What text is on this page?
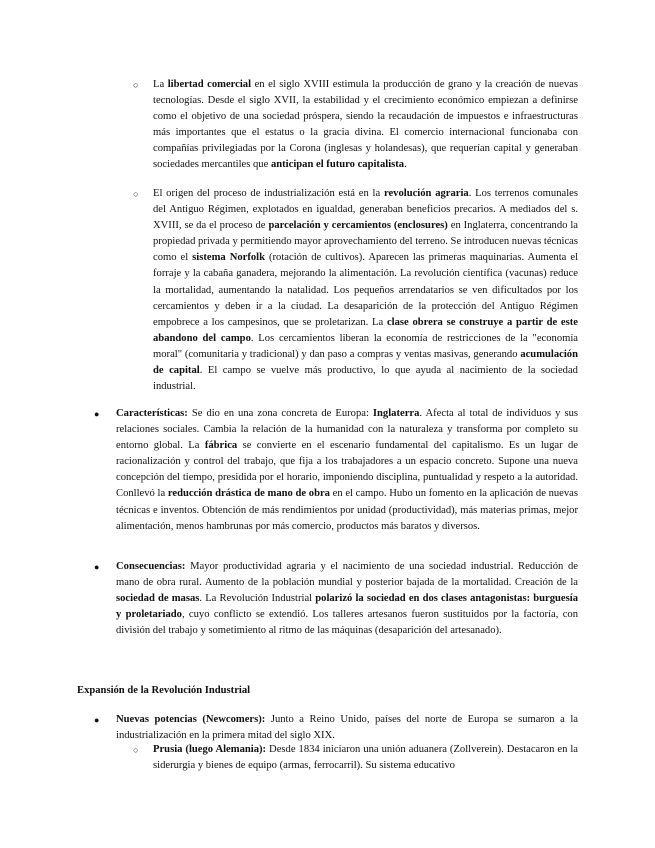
○ La libertad comercial en el siglo XVIII estimula la producción de grano y la creación de nuevas tecnologías. Desde el siglo XVII, la estabilidad y el crecimiento económico empiezan a definirse como el objetivo de una sociedad próspera, siendo la recaudación de impuestos e infraestructuras más importantes que el estatus o la gracia divina. El comercio internacional funcionaba con compañías privilegiadas por la Corona (inglesas y holandesas), que requerían capital y generaban sociedades mercantiles que anticipan el futuro capitalista.

○ El origen del proceso de industrialización está en la revolución agraria. Los terrenos comunales del Antiguo Régimen, explotados en igualdad, generaban beneficios precarios. A mediados del s. XVIII, se da el proceso de parcelación y cercamientos (enclosures) en Inglaterra, concentrando la propiedad privada y permitiendo mayor aprovechamiento del terreno. Se introducen nuevas técnicas como el sistema Norfolk (rotación de cultivos). Aparecen las primeras maquinarias. Aumenta el forraje y la cabaña ganadera, mejorando la alimentación. La revolución científica (vacunas) reduce la mortalidad, aumentando la natalidad. Los pequeños arrendatarios se ven dificultados por los cercamientos y deben ir a la ciudad. La desaparición de la protección del Antiguo Régimen empobrece a los campesinos, que se proletarizan. La clase obrera se construye a partir de este abandono del campo. Los cercamientos liberan la economía de restricciones de la "economía moral" (comunitaria y tradicional) y dan paso a compras y ventas masivas, generando acumulación de capital. El campo se vuelve más productivo, lo que ayuda al nacimiento de la sociedad industrial.

● Características: Se dio en una zona concreta de Europa: Inglaterra. Afecta al total de individuos y sus relaciones sociales. Cambia la relación de la humanidad con la naturaleza y transforma por completo su entorno global. La fábrica se convierte en el escenario fundamental del capitalismo. Es un lugar de racionalización y control del trabajo, que fija a los trabajadores a un espacio concreto. Supone una nueva concepción del tiempo, presidida por el horario, imponiendo disciplina, puntualidad y respeto a la autoridad. Conllevó la reducción drástica de mano de obra en el campo. Hubo un fomento en la aplicación de nuevas técnicas e inventos. Obtención de más rendimientos por unidad (productividad), más materias primas, mejor alimentación, menos hambrunas por más comercio, productos más baratos y diversos.

● Consecuencias: Mayor productividad agraria y el nacimiento de una sociedad industrial. Reducción de mano de obra rural. Aumento de la población mundial y posterior bajada de la mortalidad. Creación de la sociedad de masas. La Revolución Industrial polarizó la sociedad en dos clases antagonistas: burguesía y proletariado, cuyo conflicto se extendió. Los talleres artesanos fueron sustituidos por la factoría, con división del trabajo y sometimiento al ritmo de las máquinas (desaparición del artesanado).

Expansión de la Revolución Industrial
● Nuevas potencias (Newcomers): Junto a Reino Unido, países del norte de Europa se sumaron a la industrialización en la primera mitad del siglo XIX.

○ Prusia (luego Alemania): Desde 1834 iniciaron una unión aduanera (Zollverein). Destacaron en la siderurgia y bienes de equipo (armas, ferrocarril). Su sistema educativo
